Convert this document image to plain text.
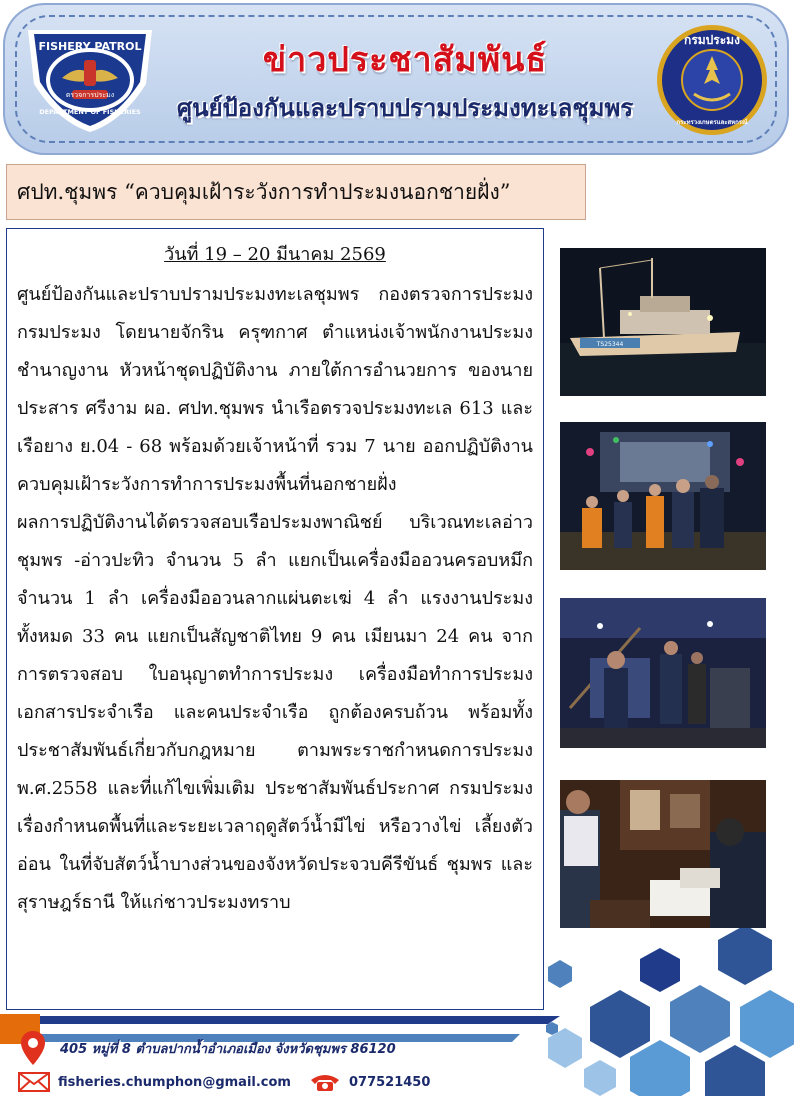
FISHERY PATROL
ตรวจการประมง
DEPARTMENT OF FISHERIES
ข่าวประชาสัมพันธ์
ศูนย์ป้องกันและปราบปรามประมงทะเลชุมพร
กรมประมง
กระทรวงเกษตรและสหกรณ์
ศปท.ชุมพร “ควบคุมเฝ้าระวังการทำประมงนอกชายฝั่ง”

วันที่ 19 – 20 มีนาคม 2569

ศูนย์ป้องกันและปราบปรามประมงทะเลชุมพร กองตรวจการประมง กรมประมง โดยนายจักริน ครุฑกาศ ตำแหน่งเจ้าพนักงานประมงชำนาญงาน หัวหน้าชุดปฏิบัติงาน ภายใต้การอำนวยการ ของนายประสาร ศรีงาม ผอ. ศปท.ชุมพร นำเรือตรวจประมงทะเล 613 และเรือยาง ย.04 - 68 พร้อมด้วยเจ้าหน้าที่ รวม 7 นาย ออกปฏิบัติงานควบคุมเฝ้าระวังการทำการประมงพื้นที่นอกชายฝั่ง

ผลการปฏิบัติงานได้ตรวจสอบเรือประมงพาณิชย์ บริเวณทะเลอ่าวชุมพร -อ่าวปะทิว จำนวน 5 ลำ แยกเป็นเครื่องมืออวนครอบหมึก จำนวน 1 ลำ เครื่องมืออวนลากแผ่นตะเฆ่ 4 ลำ แรงงานประมงทั้งหมด 33 คน แยกเป็นสัญชาติไทย 9 คน เมียนมา 24 คน จากการตรวจสอบ ใบอนุญาตทำการประมง เครื่องมือทำการประมง เอกสารประจำเรือ และคนประจำเรือ ถูกต้องครบถ้วน พร้อมทั้งประชาสัมพันธ์เกี่ยวกับกฎหมาย ตามพระราชกำหนดการประมง พ.ศ.2558 และที่แก้ไขเพิ่มเติม ประชาสัมพันธ์ประกาศ กรมประมง เรื่องกำหนดพื้นที่และระยะเวลาฤดูสัตว์น้ำมีไข่ หรือวางไข่ เลี้ยงตัวอ่อน ในที่จับสัตว์น้ำบางส่วนของจังหวัดประจวบคีรีขันธ์ ชุมพร และ สุราษฎร์ธานี ให้แก่ชาวประมงทราบ

TS25344
405 หมู่ที่ 8 ตำบลปากน้ำอำเภอเมือง จังหวัดชุมพร 86120
fisheries.chumphon@gmail.com	077521450
